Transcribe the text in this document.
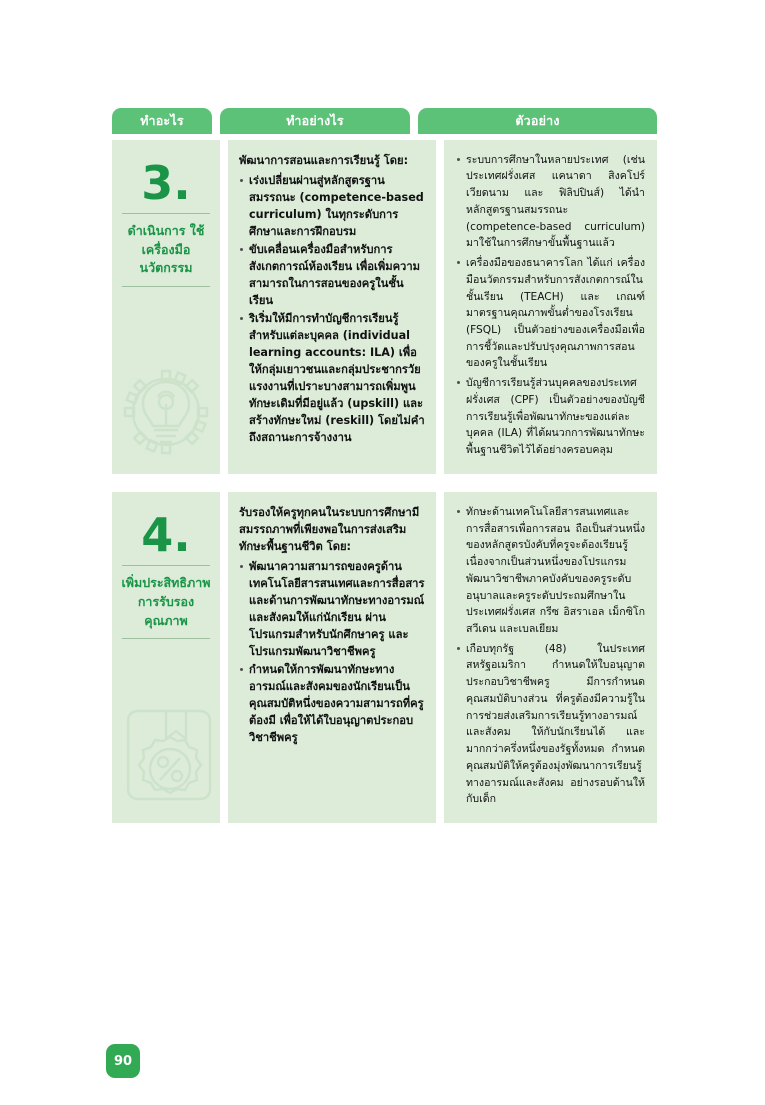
ทำอะไร	ทำอย่างไร	ตัวอย่าง
3.
ดำเนินการ ใช้เครื่องมือ นวัตกรรม

พัฒนาการสอนและการเรียนรู้ โดย:

เร่งเปลี่ยนผ่านสู่หลักสูตรฐานสมรรถนะ (competence-based curriculum) ในทุกระดับการศึกษาและการฝึกอบรม
ขับเคลื่อนเครื่องมือสำหรับการสังเกตการณ์ห้องเรียน เพื่อเพิ่มความสามารถในการสอนของครูในชั้นเรียน
ริเริ่มให้มีการทำบัญชีการเรียนรู้สำหรับแต่ละบุคคล (individual learning accounts: ILA) เพื่อให้กลุ่มเยาวชนและกลุ่มประชากรวัยแรงงานที่เปราะบางสามารถเพิ่มพูนทักษะเดิมที่มีอยู่แล้ว (upskill) และสร้างทักษะใหม่ (reskill) โดยไม่คำถึงสถานะการจ้างงาน
ระบบการศึกษาในหลายประเทศ (เช่น ประเทศฝรั่งเศส แคนาดา สิงคโปร์ เวียดนาม และ ฟิลิปปินส์) ได้นำหลักสูตรฐานสมรรถนะ (competence-based curriculum) มาใช้ในการศึกษาขั้นพื้นฐานแล้ว
เครื่องมือของธนาคารโลก ได้แก่ เครื่องมือนวัตกรรมสำหรับการสังเกตการณ์ในชั้นเรียน (TEACH) และ เกณฑ์มาตรฐานคุณภาพขั้นต่ำของโรงเรียน (FSQL) เป็นตัวอย่างของเครื่องมือเพื่อการชี้วัดและปรับปรุงคุณภาพการสอนของครูในชั้นเรียน
บัญชีการเรียนรู้ส่วนบุคคลของประเทศฝรั่งเศส (CPF) เป็นตัวอย่างของบัญชีการเรียนรู้เพื่อพัฒนาทักษะของแต่ละบุคคล (ILA) ที่ได้ผนวกการพัฒนาทักษะพื้นฐานชีวิตไว้ได้อย่างครอบคลุม
4.
เพิ่มประสิทธิภาพ การรับรอง คุณภาพ

รับรองให้ครูทุกคนในระบบการศึกษามีสมรรถภาพที่เพียงพอในการส่งเสริมทักษะพื้นฐานชีวิต โดย:

พัฒนาความสามารถของครูด้านเทคโนโลยีสารสนเทศและการสื่อสาร และด้านการพัฒนาทักษะทางอารมณ์และสังคมให้แก่นักเรียน ผ่านโปรแกรมสำหรับนักศึกษาครู และโปรแกรมพัฒนาวิชาชีพครู
กำหนดให้การพัฒนาทักษะทางอารมณ์และสังคมของนักเรียนเป็นคุณสมบัติหนึ่งของความสามารถที่ครูต้องมี เพื่อให้ได้ใบอนุญาตประกอบวิชาชีพครู
ทักษะด้านเทคโนโลยีสารสนเทศและการสื่อสารเพื่อการสอน ถือเป็นส่วนหนึ่งของหลักสูตรบังคับที่ครูจะต้องเรียนรู้ เนื่องจากเป็นส่วนหนึ่งของโปรแกรมพัฒนาวิชาชีพภาคบังคับของครูระดับอนุบาลและครูระดับประถมศึกษาในประเทศฝรั่งเศส กรีซ อิสราเอล เม็กซิโก สวีเดน และเบลเยียม
เกือบทุกรัฐ (48) ในประเทศสหรัฐอเมริกา กำหนดให้ใบอนุญาตประกอบวิชาชีพครู มีการกำหนดคุณสมบัติบางส่วน ที่ครูต้องมีความรู้ในการช่วยส่งเสริมการเรียนรู้ทางอารมณ์และสังคม ให้กับนักเรียนได้ และมากกว่าครึ่งหนึ่งของรัฐทั้งหมด กำหนดคุณสมบัติให้ครูต้องมุ่งพัฒนาการเรียนรู้ทางอารมณ์และสังคม อย่างรอบด้านให้กับเด็ก
90
